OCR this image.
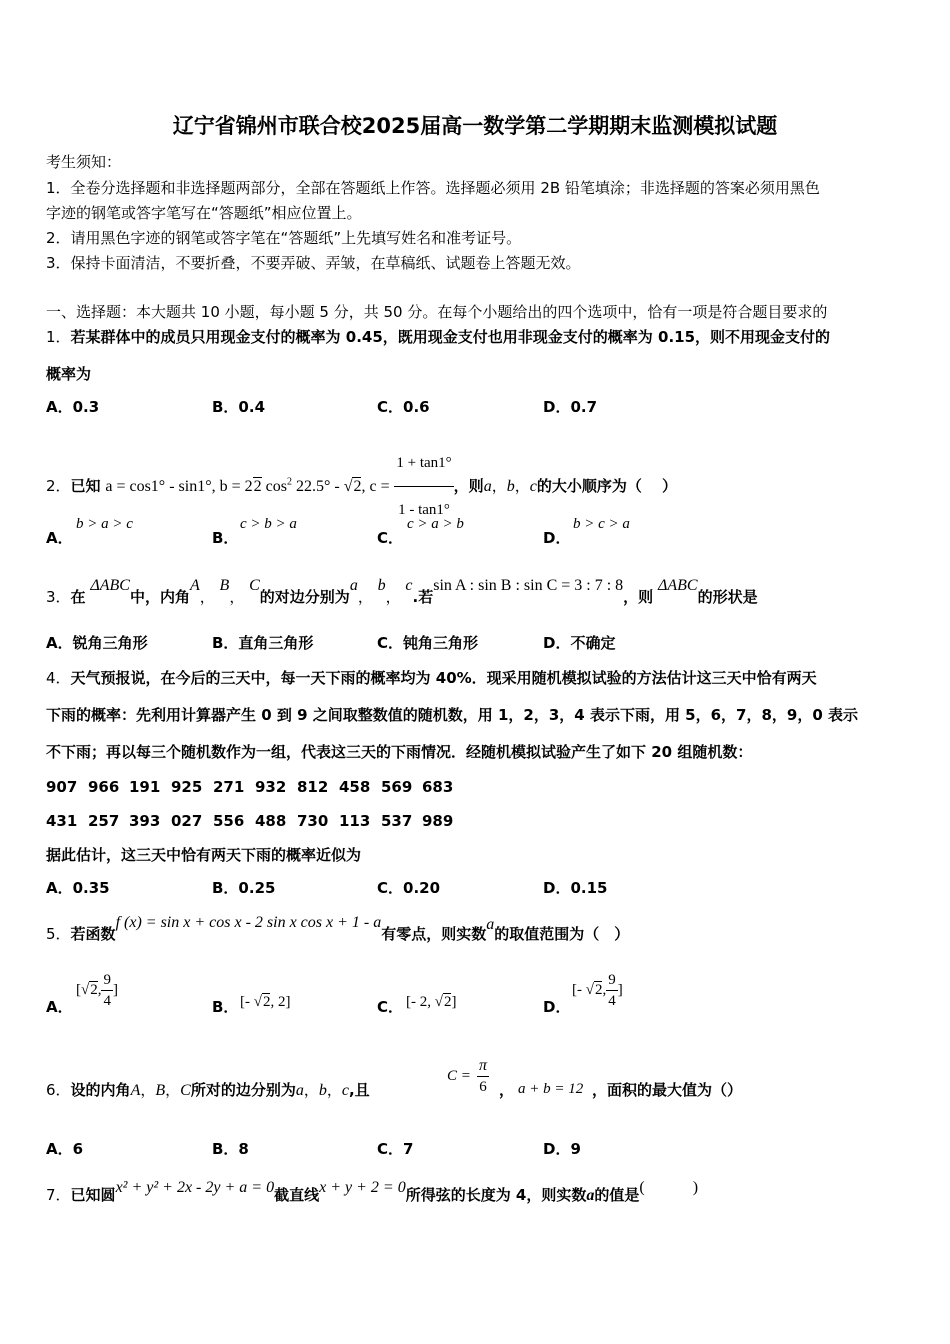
辽宁省锦州市联合校2025届高一数学第二学期期末监测模拟试题
考生须知：
1．全卷分选择题和非选择题两部分，全部在答题纸上作答。选择题必须用 2B 铅笔填涂；非选择题的答案必须用黑色
字迹的钢笔或答字笔写在“答题纸”相应位置上。
2．请用黑色字迹的钢笔或答字笔在“答题纸”上先填写姓名和准考证号。
3．保持卡面清洁，不要折叠，不要弄破、弄皱，在草稿纸、试题卷上答题无效。
一、选择题：本大题共 10 小题，每小题 5 分，共 50 分。在每个小题给出的四个选项中，恰有一项是符合题目要求的
1．若某群体中的成员只用现金支付的概率为 0.45，既用现金支付也用非现金支付的概率为 0.15，则不用现金支付的
概率为
A．0.3	B．0.4	C．0.6	D．0.7
2．已知 a = cos1° - sin1°, b = 22 $\cos^2 22.5^\circ - √2$, $c = \frac{1 + \tan 1^\circ}{1 - \tan 1^\circ}$ ，则a，b，c的大小顺序为（　 ）
A．
b > a > c
B．
c > b > a
C．
c > a > b
D．
b > c > a
3．在 ΔABC中，内角A， B， C的对边分别为a， b， c.若sin A : sin B : sin C = 3 : 7 : 8，则 ΔABC的形状是
A．锐角三角形	B．直角三角形	C．钝角三角形	D．不确定
4．天气预报说，在今后的三天中，每一天下雨的概率均为 40%．现采用随机模拟试验的方法估计这三天中恰有两天
下雨的概率：先利用计算器产生 0 到 9 之间取整数值的随机数，用 1，2，3，4 表示下雨，用 5，6，7，8，9，0 表示
不下雨；再以每三个随机数作为一组，代表这三天的下雨情况．经随机模拟试验产生了如下 20 组随机数：
907 966 191 925 271 932 812 458 569 683
431 257 393 027 556 488 730 113 537 989
据此估计，这三天中恰有两天下雨的概率近似为
A．0.35	B．0.25	C．0.20	D．0.15
5．若函数f (x) = sin x + cos x - 2 sin x cos x + 1 - a有零点，则实数a的取值范围为（　）
A．
[√2, $\frac{9}{4}$ ]
B． [- √2, 2]	C． [- 2, √2]	D．
[- √2, $\frac{9}{4}$ ]
6．设的内角A，B，C所对的边分别为a，b，c,且
$C = \frac{\pi}{6}$ ， a + b = 12 ，面积的最大值为（）
A．6	B．8	C．7	D．9
7．已知圆x² + y² + 2x - 2y + a = 0截直线x + y + 2 = 0所得弦的长度为 4，则实数a的值是(　　　)
